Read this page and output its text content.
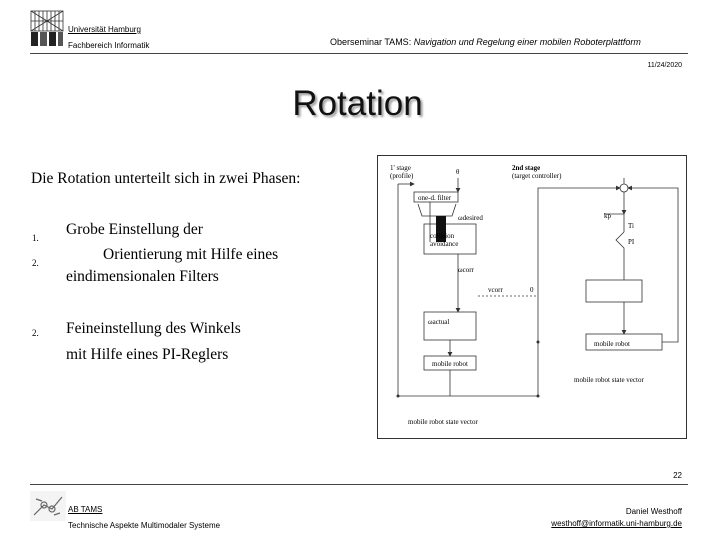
Universität Hamburg
Fachbereich Informatik	Oberseminar TAMS: Navigation und Regelung einer mobilen Roboterplattform
11/24/2020
Rotation
Die Rotation unterteilt sich in zwei Phasen:
1. Grobe Einstellung der
2.	Orientierung mit Hilfe eines
eindimensionalen Filters
2. Feineinstellung des Winkels
mit Hilfe eines PI-Reglers
1' stage
(profile)
2nd stage
(target controller)
one-d. filter
collision
avoidance
θ
ωdesired
ωcorr
vcorr	0
ωactual
kp
Ti
PI
mobile robot
mobile robot
mobile robot state vector
mobile robot state vector
22
AB TAMS
Technische Aspekte Multimodaler Systeme
Daniel Westhoff
westhoff@informatik.uni-hamburg.de
